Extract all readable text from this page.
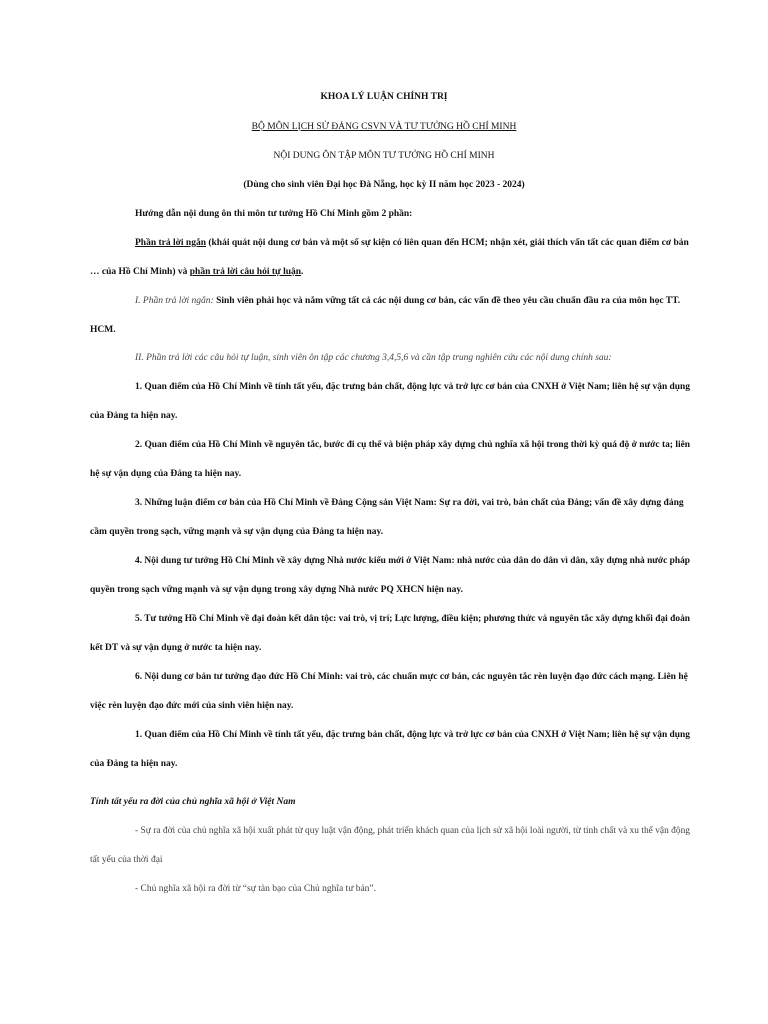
KHOA LÝ LUẬN CHÍNH TRỊ
BỘ MÔN LỊCH SỬ ĐẢNG CSVN VÀ TƯ TƯỞNG HỒ CHÍ MINH
NỘI DUNG ÔN TẬP MÔN TƯ TƯỞNG HỒ CHÍ MINH
(Dùng cho sinh viên Đại học Đà Nẵng, học kỳ II năm học 2023 - 2024)
Hướng dẫn nội dung ôn thi môn tư tưởng Hồ Chí Minh gồm 2 phần:
Phần trả lời ngắn (khái quát nội dung cơ bản và một số sự kiện có liên quan đến HCM; nhận xét, giải thích vấn tất các quan điểm cơ bản
… của Hồ Chí Minh) và phần trả lời câu hỏi tự luận.
I. Phần trả lời ngắn: Sinh viên phải học và nắm vững tất cả các nội dung cơ bản, các vấn đề theo yêu cầu chuẩn đầu ra của môn học TT.
HCM.
II. Phần trả lời các câu hỏi tự luận, sinh viên ôn tập các chương 3,4,5,6 và cần tập trung nghiên cứu các nội dung chính sau:
1. Quan điểm của Hồ Chí Minh về tính tất yếu, đặc trưng bản chất, động lực và trở lực cơ bản của CNXH ở Việt Nam; liên hệ sự vận dụng
của Đảng ta hiện nay.
2. Quan điểm của Hồ Chí Minh về nguyên tắc, bước đi cụ thể và biện pháp xây dựng chủ nghĩa xã hội trong thời kỳ quá độ ở nước ta; liên
hệ sự vận dụng của Đảng ta hiện nay.
3. Những luận điểm cơ bản của Hồ Chí Minh về Đảng Cộng sản Việt Nam: Sự ra đời, vai trò, bản chất của Đảng; vấn đề xây dựng đảng
cầm quyền trong sạch, vững mạnh và sự vận dụng của Đảng ta hiện nay.
4. Nội dung tư tưởng Hồ Chí Minh về xây dựng Nhà nước kiểu mới ở Việt Nam: nhà nước của dân do dân vì dân, xây dựng nhà nước pháp
quyền trong sạch vững mạnh và sự vận dụng trong xây dựng Nhà nước PQ XHCN hiện nay.
5. Tư tưởng Hồ Chí Minh về đại đoàn kết dân tộc: vai trò, vị trí; Lực lượng, điều kiện; phương thức và nguyên tắc xây dựng khối đại đoàn
kết DT và sự vận dụng ở nước ta hiện nay.
6. Nội dung cơ bản tư tưởng đạo đức Hồ Chí Minh: vai trò, các chuẩn mực cơ bản, các nguyên tắc rèn luyện đạo đức cách mạng. Liên hệ
việc rèn luyện đạo đức mới của sinh viên hiện nay.
1. Quan điểm của Hồ Chí Minh về tính tất yếu, đặc trưng bản chất, động lực và trở lực cơ bản của CNXH ở Việt Nam; liên hệ sự vận dụng
của Đảng ta hiện nay.
Tính tất yếu ra đời của chủ nghĩa xã hội ở Việt Nam
- Sự ra đời của chủ nghĩa xã hội xuất phát từ quy luật vận động, phát triển khách quan của lịch sử xã hội loài người, từ tính chất và xu thế vận động
tất yếu của thời đại
- Chủ nghĩa xã hội ra đời từ “sự tàn bạo của Chủ nghĩa tư bản”.
